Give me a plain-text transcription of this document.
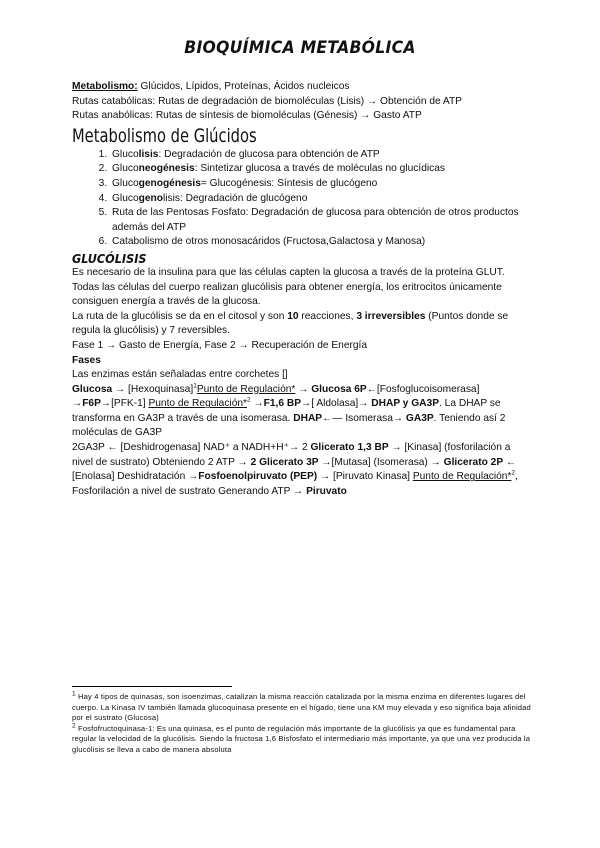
BIOQUÍMICA METABÓLICA
Metabolismo: Glúcidos, Lípidos, Proteínas, Ácidos nucleicos
Rutas catabólicas: Rutas de degradación de biomoléculas (Lisis) → Obtención de ATP
Rutas anabólicas: Rutas de síntesis de biomoléculas (Génesis) → Gasto ATP
Metabolismo de Glúcidos
1. Glucolisis: Degradación de glucosa para obtención de ATP
2. Gluconeogénesis: Sintetizar glucosa a través de moléculas no glucídicas
3. Glucogenogénesis= Glucogénesis: Síntesis de glucógeno
4. Glucogenolisis: Degradación de glucógeno
5. Ruta de las Pentosas Fosfato: Degradación de glucosa para obtención de otros productos además del ATP
6. Catabolismo de otros monosacáridos (Fructosa,Galactosa y Manosa)
GLUCÓLISIS
Es necesario de la insulina para que las células capten la glucosa a través de la proteína GLUT. Todas las células del cuerpo realizan glucólisis para obtener energía, los eritrocitos únicamente consiguen energía a través de la glucosa.
La ruta de la glucólisis se da en el citosol y son 10 reacciones, 3 irreversibles (Puntos donde se regula la glucólisis) y 7 reversibles.
Fase 1 → Gasto de Energía, Fase 2 → Recuperación de Energía
Fases
Las enzimas están señaladas entre corchetes []
Glucosa → [Hexoquinasa]$^1$Punto de Regulación* → Glucosa 6P←[Fosfoglucoisomerasa] →F6P→[PFK-1] Punto de Regulación*$^2$ →F1,6 BP→[ Aldolasa]→ DHAP y GA3P. La DHAP se transforma en GA3P a través de una isomerasa. DHAP←— Isomerasa→ GA3P. Teniendo así 2 moléculas de GA3P
2GA3P ← [Deshidrogenasa] NAD⁺ a NADH+H⁺→ 2 Glicerato 1,3 BP → [Kinasa] (fosforilación a nivel de sustrato) Obteniendo 2 ATP → 2 Glicerato 3P →[Mutasa] (Isomerasa) → Glicerato 2P ← [Enolasa] Deshidratación →Fosfoenolpiruvato (PEP) → [Piruvato Kinasa] Punto de Regulación*$^2$, Fosforilación a nivel de sustrato Generando ATP → Piruvato
$^1$ Hay 4 tipos de quinasas, son isoenzimas, catalizan la misma reacción catalizada por la misma enzima en diferentes lugares del cuerpo. La Kinasa IV también llamada glucoquinasa presente en el hígado, tiene una KM muy elevada y eso significa baja afinidad por el sustrato (Glucosa)
$^2$ Fosfofructoquinasa-1: Es una quinasa, es el punto de regulación más importante de la glucólisis ya que es fundamental para regular la velocidad de la glucólisis. Siendo la fructosa 1,6 Bisfosfato el intermediario más importante, ya que una vez producida la glucólisis se lleva a cabo de manera absoluta
